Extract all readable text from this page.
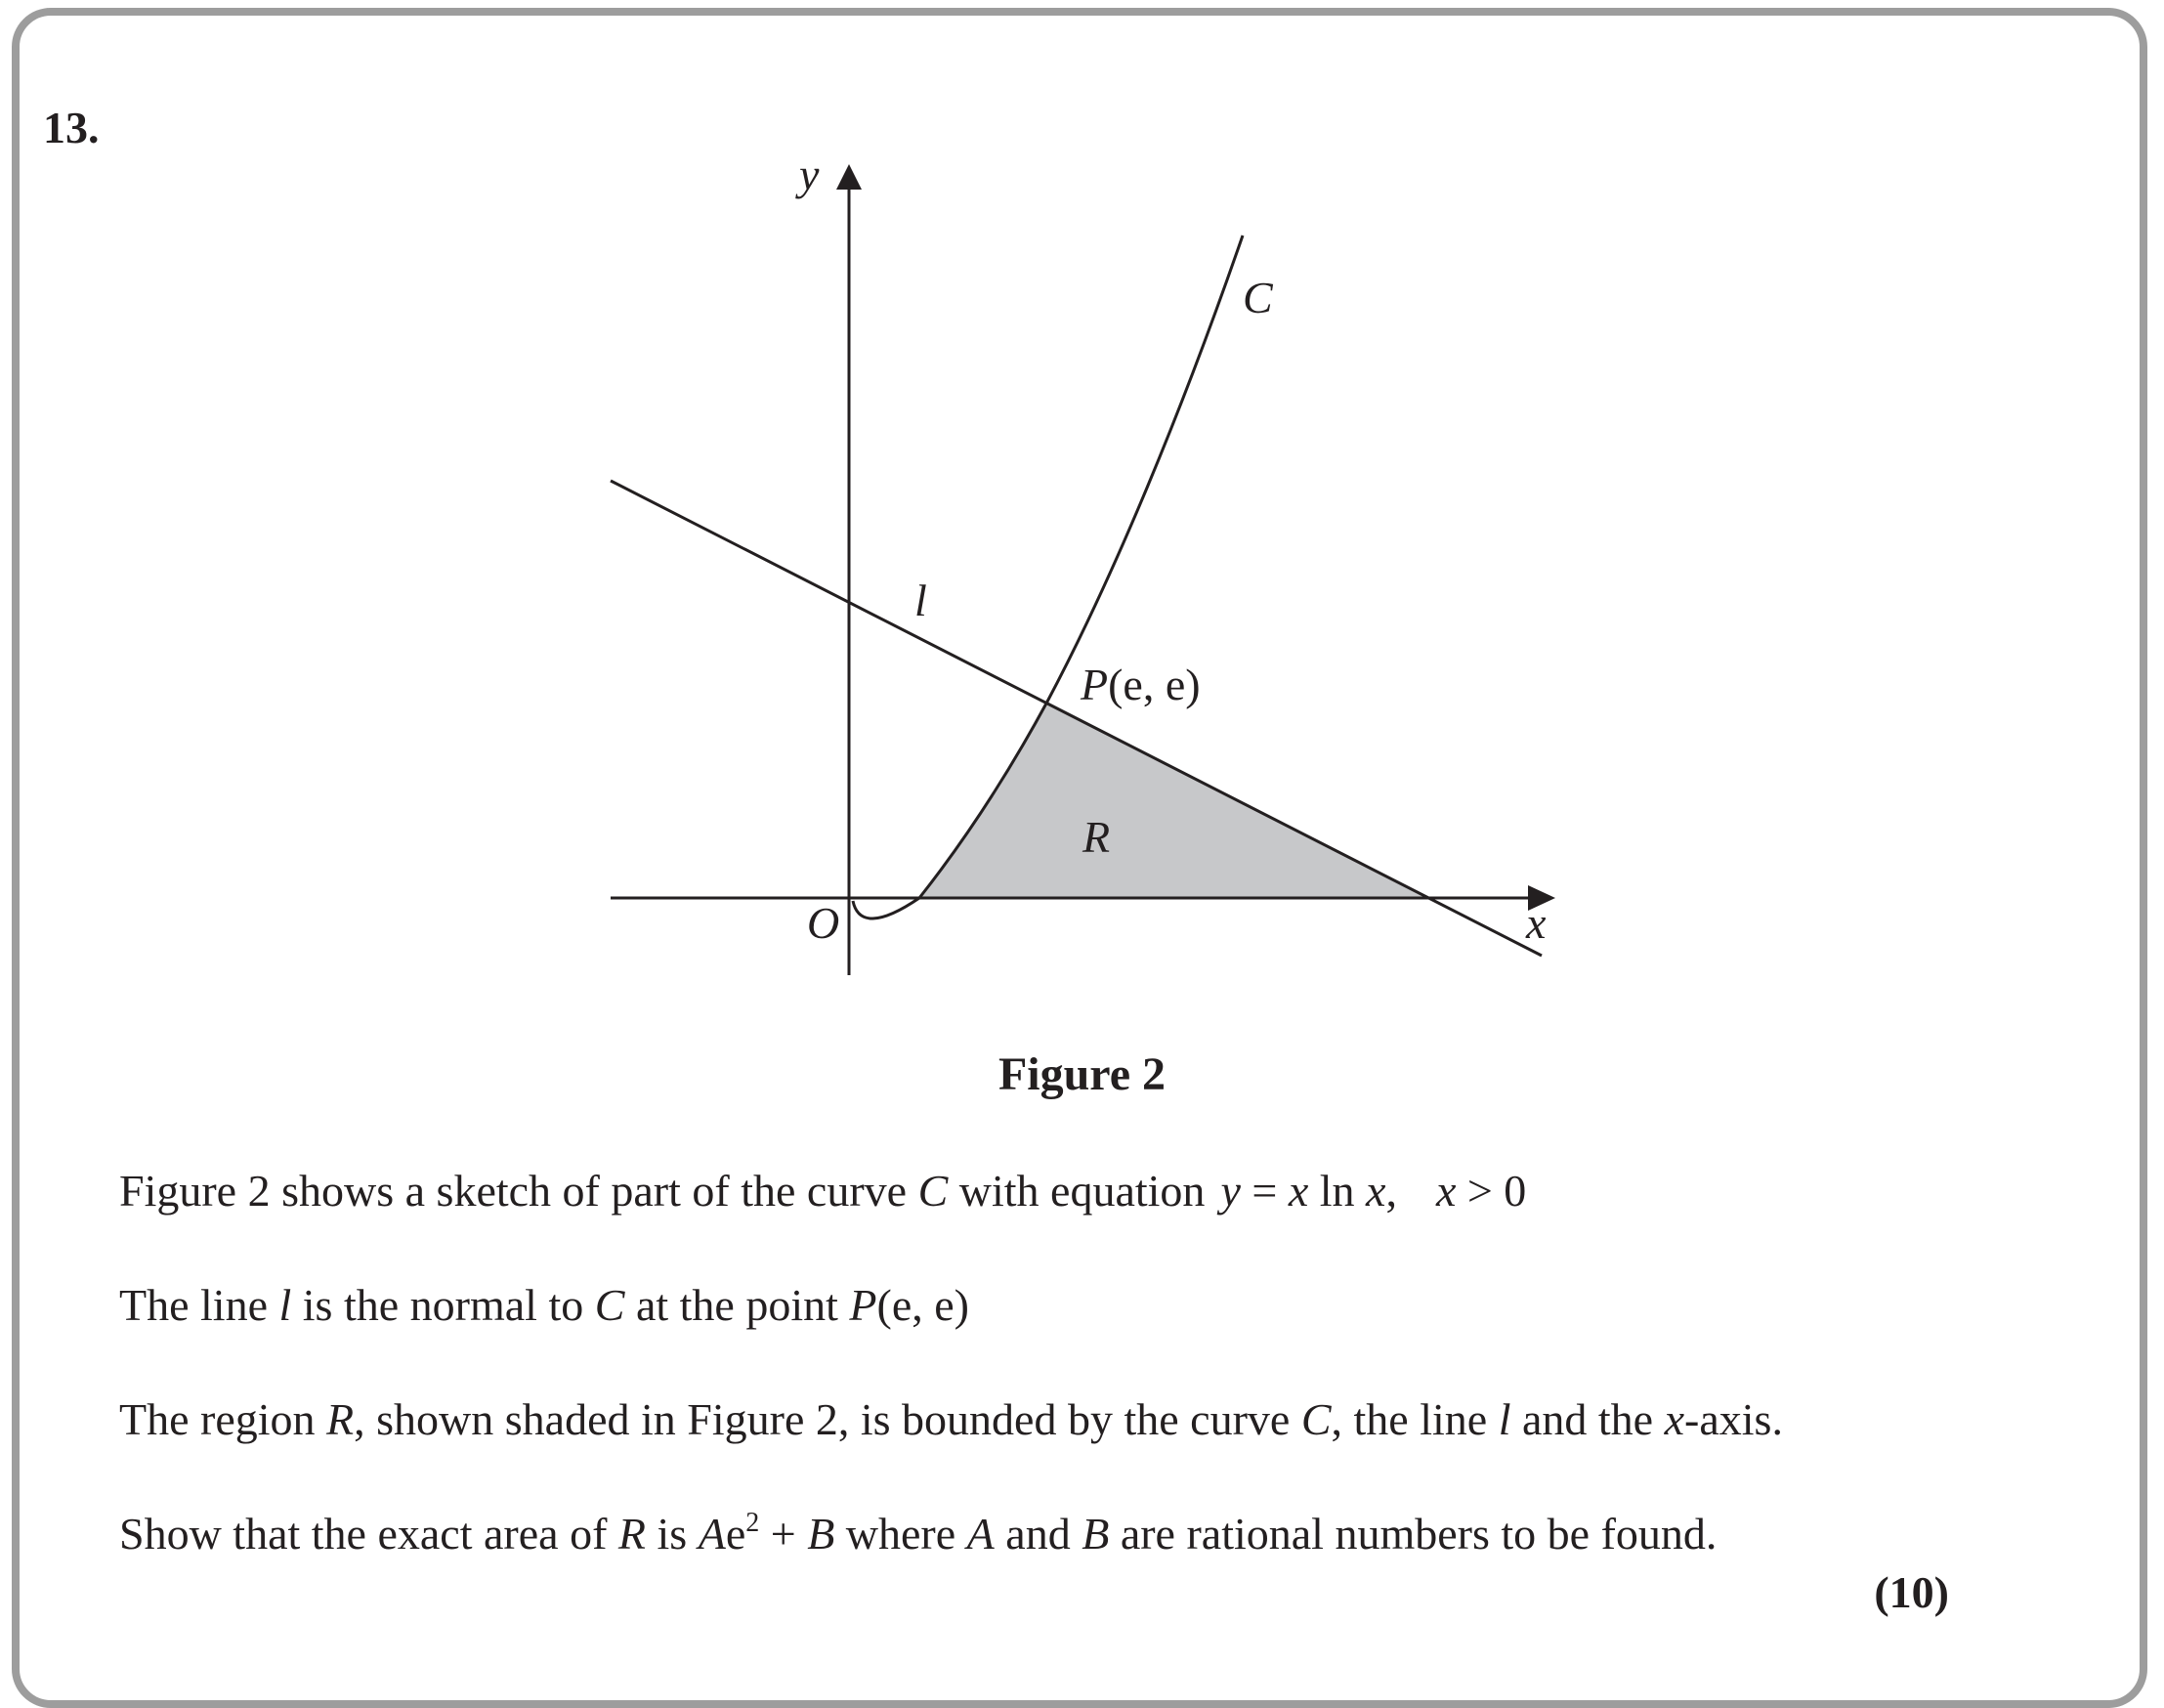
13.

y
x
O
C
l
P(e, e)
R

Figure 2

Figure 2 shows a sketch of part of the curve C with equation y = x ln x, x > 0

The line l is the normal to C at the point P(e, e)

The region R, shown shaded in Figure 2, is bounded by the curve C, the line l and the x-axis.

Show that the exact area of R is $Ae^2 + B$ where A and B are rational numbers to be found.

(10)
